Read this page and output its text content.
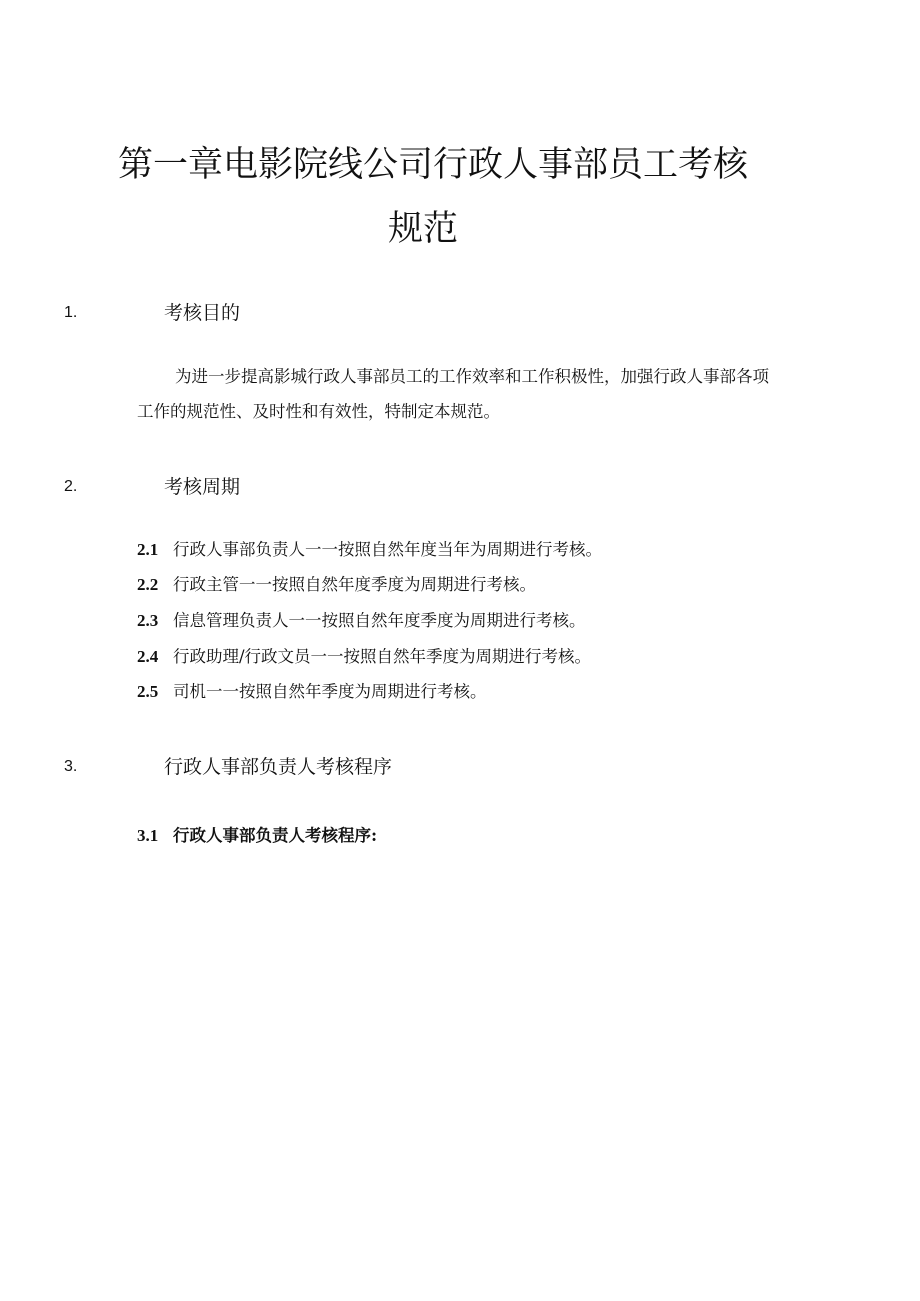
第一章电影院线公司行政人事部员工考核
规范
1.	考核目的
为进一步提高影城行政人事部员工的工作效率和工作积极性，加强行政人事部各项工作的规范性、及时性和有效性，特制定本规范。
2.	考核周期
2.1 行政人事部负责人一一按照自然年度当年为周期进行考核。
2.2 行政主管一一按照自然年度季度为周期进行考核。
2.3 信息管理负责人一一按照自然年度季度为周期进行考核。
2.4 行政助理/行政文员一一按照自然年季度为周期进行考核。
2.5 司机一一按照自然年季度为周期进行考核。
3.	行政人事部负责人考核程序
3.1 行政人事部负责人考核程序:
